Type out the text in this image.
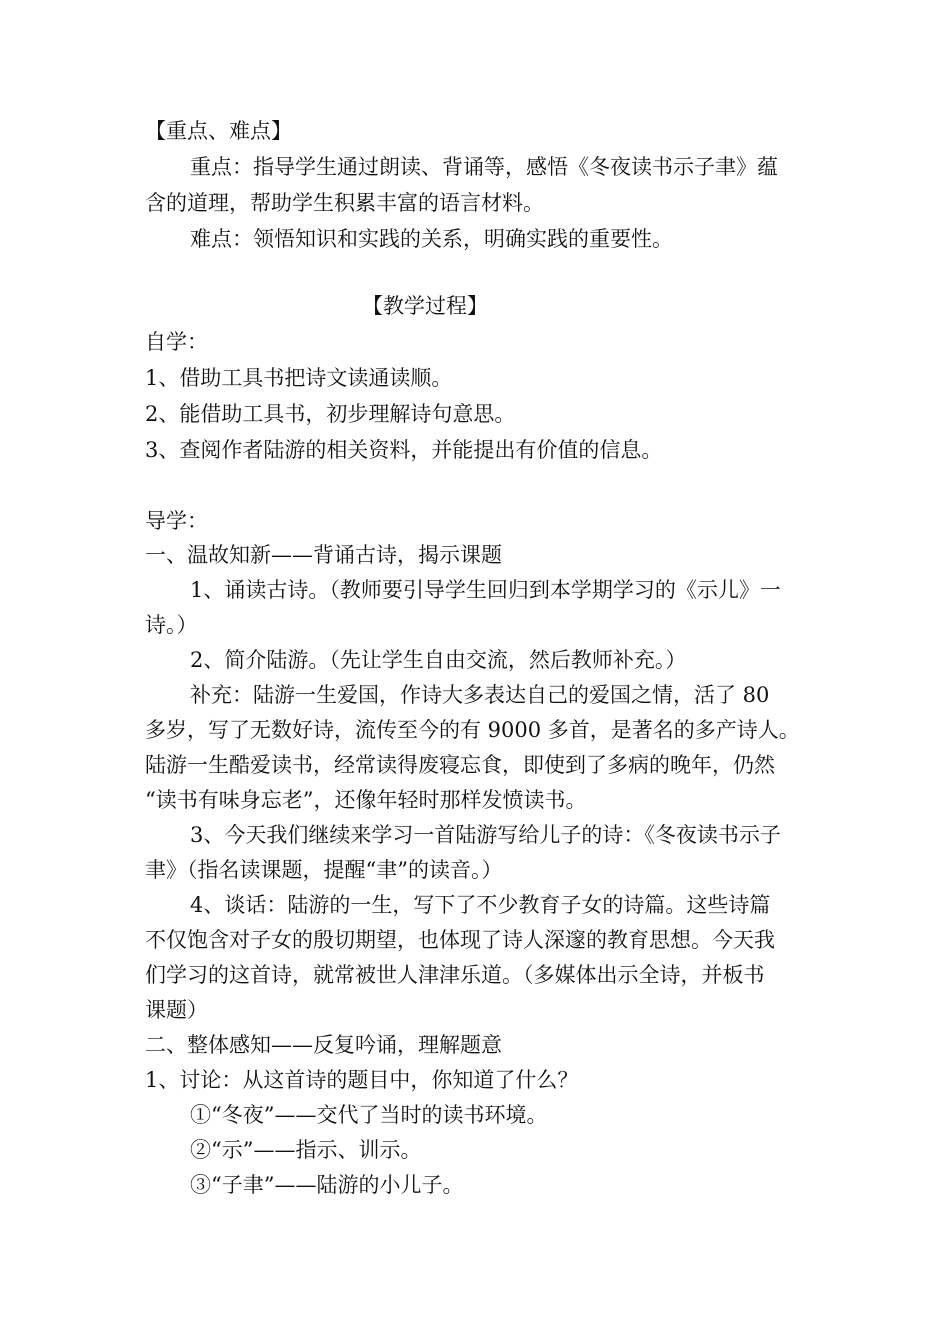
【重点、难点】
重点：指导学生通过朗读、背诵等，感悟《冬夜读书示子聿》蕴
含的道理，帮助学生积累丰富的语言材料。
难点：领悟知识和实践的关系，明确实践的重要性。
【教学过程】
自学：
1、借助工具书把诗文读通读顺。
2、能借助工具书，初步理解诗句意思。
3、查阅作者陆游的相关资料，并能提出有价值的信息。
导学：
一、温故知新——背诵古诗，揭示课题
1、诵读古诗。（教师要引导学生回归到本学期学习的《示儿》一
诗。）
2、简介陆游。（先让学生自由交流，然后教师补充。）
补充：陆游一生爱国，作诗大多表达自己的爱国之情，活了 80
多岁，写了无数好诗，流传至今的有 9000 多首，是著名的多产诗人。
陆游一生酷爱读书，经常读得废寝忘食，即使到了多病的晚年，仍然
“读书有味身忘老”，还像年轻时那样发愤读书。
3、今天我们继续来学习一首陆游写给儿子的诗：《冬夜读书示子
聿》（指名读课题，提醒“聿”的读音。）
4、谈话：陆游的一生，写下了不少教育子女的诗篇。这些诗篇
不仅饱含对子女的殷切期望，也体现了诗人深邃的教育思想。今天我
们学习的这首诗，就常被世人津津乐道。（多媒体出示全诗，并板书
课题）
二、整体感知——反复吟诵，理解题意
1、讨论：从这首诗的题目中，你知道了什么？
①“冬夜”——交代了当时的读书环境。
②“示”——指示、训示。
③“子聿”——陆游的小儿子。
